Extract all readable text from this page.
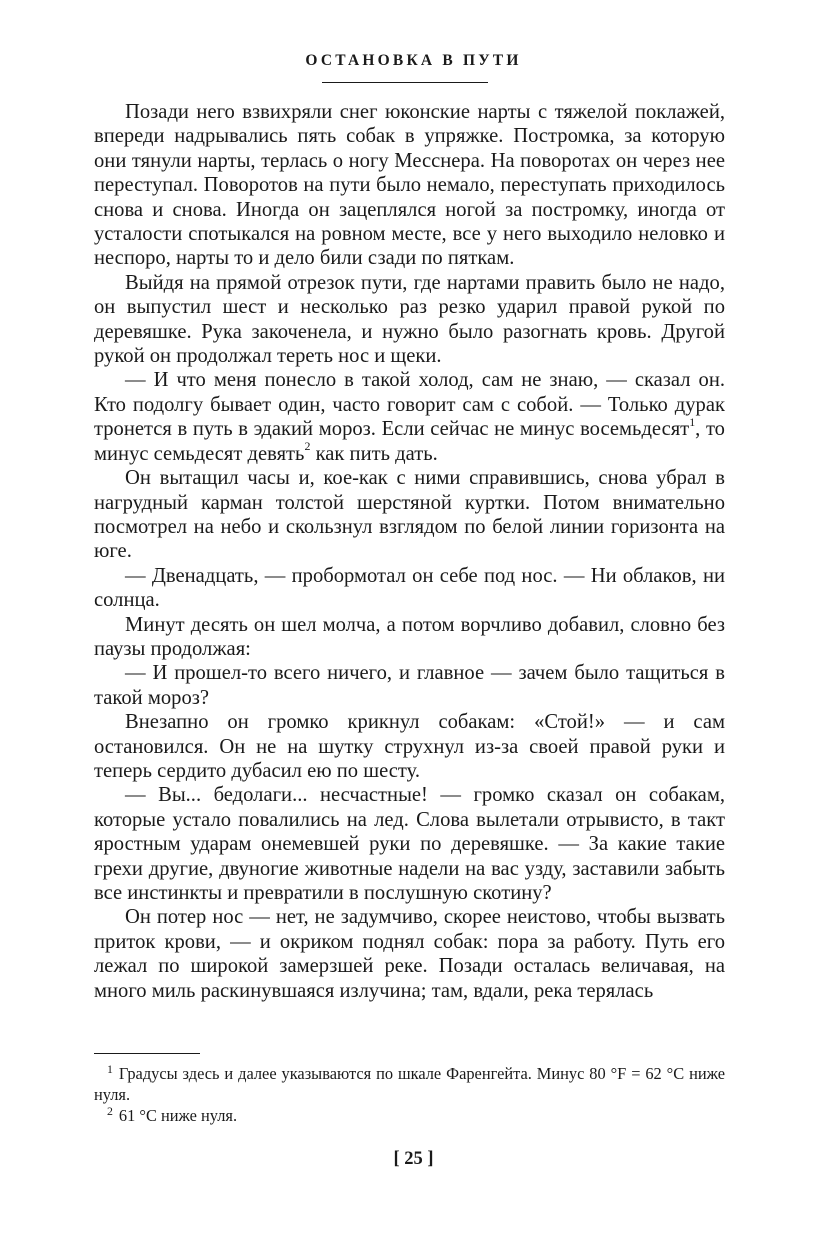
ОСТАНОВКА В ПУТИ

Позади него взвихряли снег юконские нарты с тяжелой поклажей, впереди надрывались пять собак в упряжке. Постромка, за которую они тянули нарты, терлась о ногу Месснера. На поворотах он через нее переступал. Поворотов на пути было немало, переступать приходилось снова и снова. Иногда он зацеплялся ногой за постромку, иногда от усталости спотыкался на ровном месте, все у него выходило неловко и неспоро, нарты то и дело били сзади по пяткам.

Выйдя на прямой отрезок пути, где нартами править было не надо, он выпустил шест и несколько раз резко ударил правой рукой по деревяшке. Рука закоченела, и нужно было разогнать кровь. Другой рукой он продолжал тереть нос и щеки.

— И что меня понесло в такой холод, сам не знаю, — сказал он. Кто подолгу бывает один, часто говорит сам с собой. — Только дурак тронется в путь в эдакий мороз. Если сейчас не минус восемьдесят$^1$, то минус семьдесят девять$^2$ как пить дать.

Он вытащил часы и, кое-как с ними справившись, снова убрал в нагрудный карман толстой шерстяной куртки. Потом внимательно посмотрел на небо и скользнул взглядом по белой линии горизонта на юге.

— Двенадцать, — пробормотал он себе под нос. — Ни облаков, ни солнца.

Минут десять он шел молча, а потом ворчливо добавил, словно без паузы продолжая:

— И прошел-то всего ничего, и главное — зачем было тащиться в такой мороз?

Внезапно он громко крикнул собакам: «Стой!» — и сам остановился. Он не на шутку струхнул из-за своей правой руки и теперь сердито дубасил ею по шесту.

— Вы... бедолаги... несчастные! — громко сказал он собакам, которые устало повалились на лед. Слова вылетали отрывисто, в такт яростным ударам онемевшей руки по деревяшке. — За какие такие грехи другие, двуногие животные надели на вас узду, заставили забыть все инстинкты и превратили в послушную скотину?

Он потер нос — нет, не задумчиво, скорее неистово, чтобы вызвать приток крови, — и окриком поднял собак: пора за работу. Путь его лежал по широкой замерзшей реке. Позади осталась величавая, на много миль раскинувшаяся излучина; там, вдали, река терялась

$^1$ Градусы здесь и далее указываются по шкале Фаренгейта. Минус 80 °F = 62 °C ниже нуля.

$^2$ 61 °C ниже нуля.

[ 25 ]
